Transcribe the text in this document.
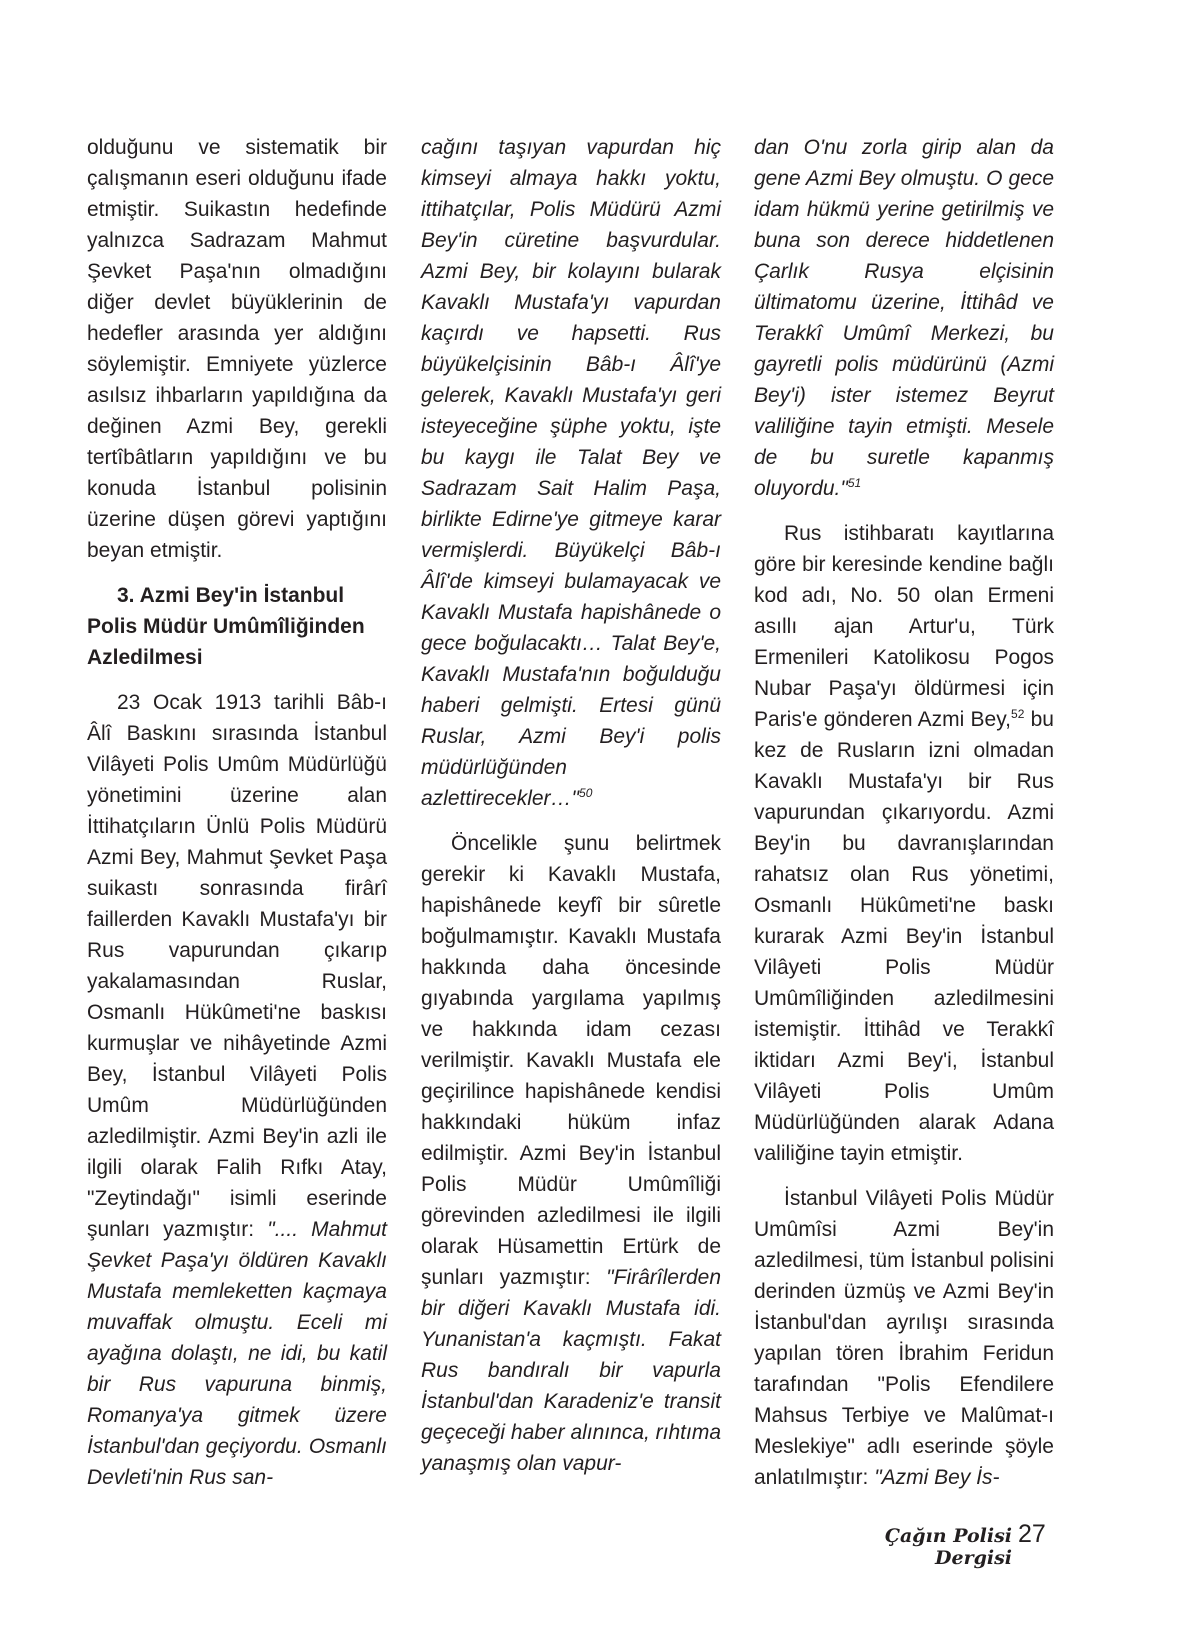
olduğunu ve sistematik bir çalışmanın eseri olduğunu ifade etmiştir. Suikastın hedefinde yalnızca Sadrazam Mahmut Şevket Paşa'nın olmadığını diğer devlet büyüklerinin de hedefler arasında yer aldığını söylemiştir. Emniyete yüzlerce asılsız ihbarların yapıldığına da değinen Azmi Bey, gerekli tertîbâtların yapıldığını ve bu konuda İstanbul polisinin üzerine düşen görevi yaptığını beyan etmiştir.

3. Azmi Bey'in İstanbul
Polis Müdür Umûmîliğinden
Azledilmesi

23 Ocak 1913 tarihli Bâb-ı Âlî Baskını sırasında İstanbul Vilâyeti Polis Umûm Müdürlüğü yönetimini üzerine alan İttihatçıların Ünlü Polis Müdürü Azmi Bey, Mahmut Şevket Paşa suikastı sonrasında firârî faillerden Kavaklı Mustafa'yı bir Rus vapurundan çıkarıp yakalamasından Ruslar, Osmanlı Hükûmeti'ne baskısı kurmuşlar ve nihâyetinde Azmi Bey, İstanbul Vilâyeti Polis Umûm Müdürlüğünden azledilmiştir. Azmi Bey'in azli ile ilgili olarak Falih Rıfkı Atay, "Zeytindağı" isimli eserinde şunları yazmıştır: ".... Mahmut Şevket Paşa'yı öldüren Kavaklı Mustafa memleketten kaçmaya muvaffak olmuştu. Eceli mi ayağına dolaştı, ne idi, bu katil bir Rus vapuruna binmiş, Romanya'ya gitmek üzere İstanbul'dan geçiyordu. Osmanlı Devleti'nin Rus san-

cağını taşıyan vapurdan hiç kimseyi almaya hakkı yoktu, ittihatçılar, Polis Müdürü Azmi Bey'in cüretine başvurdular. Azmi Bey, bir kolayını bularak Kavaklı Mustafa'yı vapurdan kaçırdı ve hapsetti. Rus büyükelçisinin Bâb-ı Âlî'ye gelerek, Kavaklı Mustafa'yı geri isteyeceğine şüphe yoktu, işte bu kaygı ile Talat Bey ve Sadrazam Sait Halim Paşa, birlikte Edirne'ye gitmeye karar vermişlerdi. Büyükelçi Bâb-ı Âlî'de kimseyi bulamayacak ve Kavaklı Mustafa hapishânede o gece boğulacaktı… Talat Bey'e, Kavaklı Mustafa'nın boğulduğu haberi gelmişti. Ertesi günü Ruslar, Azmi Bey'i polis müdürlüğünden azlettirecekler…"$^{50}$

Öncelikle şunu belirtmek gerekir ki Kavaklı Mustafa, hapishânede keyfî bir sûretle boğulmamıştır. Kavaklı Mustafa hakkında daha öncesinde gıyabında yargılama yapılmış ve hakkında idam cezası verilmiştir. Kavaklı Mustafa ele geçirilince hapishânede kendisi hakkındaki hüküm infaz edilmiştir. Azmi Bey'in İstanbul Polis Müdür Umûmîliği görevinden azledilmesi ile ilgili olarak Hüsamettin Ertürk de şunları yazmıştır: "Firârîlerden bir diğeri Kavaklı Mustafa idi. Yunanistan'a kaçmıştı. Fakat Rus bandıralı bir vapurla İstanbul'dan Karadeniz'e transit geçeceği haber alınınca, rıhtıma yanaşmış olan vapur-

dan O'nu zorla girip alan da gene Azmi Bey olmuştu. O gece idam hükmü yerine getirilmiş ve buna son derece hiddetlenen Çarlık Rusya elçisinin ültimatomu üzerine, İttihâd ve Terakkî Umûmî Merkezi, bu gayretli polis müdürünü (Azmi Bey'i) ister istemez Beyrut valiliğine tayin etmişti. Mesele de bu suretle kapanmış oluyordu."$^{51}$

Rus istihbaratı kayıtlarına göre bir keresinde kendine bağlı kod adı, No. 50 olan Ermeni asıllı ajan Artur'u, Türk Ermenileri Katolikosu Pogos Nubar Paşa'yı öldürmesi için Paris'e gönderen Azmi Bey,$^{52}$ bu kez de Rusların izni olmadan Kavaklı Mustafa'yı bir Rus vapurundan çıkarıyordu. Azmi Bey'in bu davranışlarından rahatsız olan Rus yönetimi, Osmanlı Hükûmeti'ne baskı kurarak Azmi Bey'in İstanbul Vilâyeti Polis Müdür Umûmîliğinden azledilmesini istemiştir. İttihâd ve Terakkî iktidarı Azmi Bey'i, İstanbul Vilâyeti Polis Umûm Müdürlüğünden alarak Adana valiliğine tayin etmiştir.

İstanbul Vilâyeti Polis Müdür Umûmîsi Azmi Bey'in azledilmesi, tüm İstanbul polisini derinden üzmüş ve Azmi Bey'in İstanbul'dan ayrılışı sırasında yapılan tören İbrahim Feridun tarafından "Polis Efendilere Mahsus Terbiye ve Malûmat-ı Meslekiye" adlı eserinde şöyle anlatılmıştır: "Azmi Bey İs-

Çağın Polisi Dergisi
27
